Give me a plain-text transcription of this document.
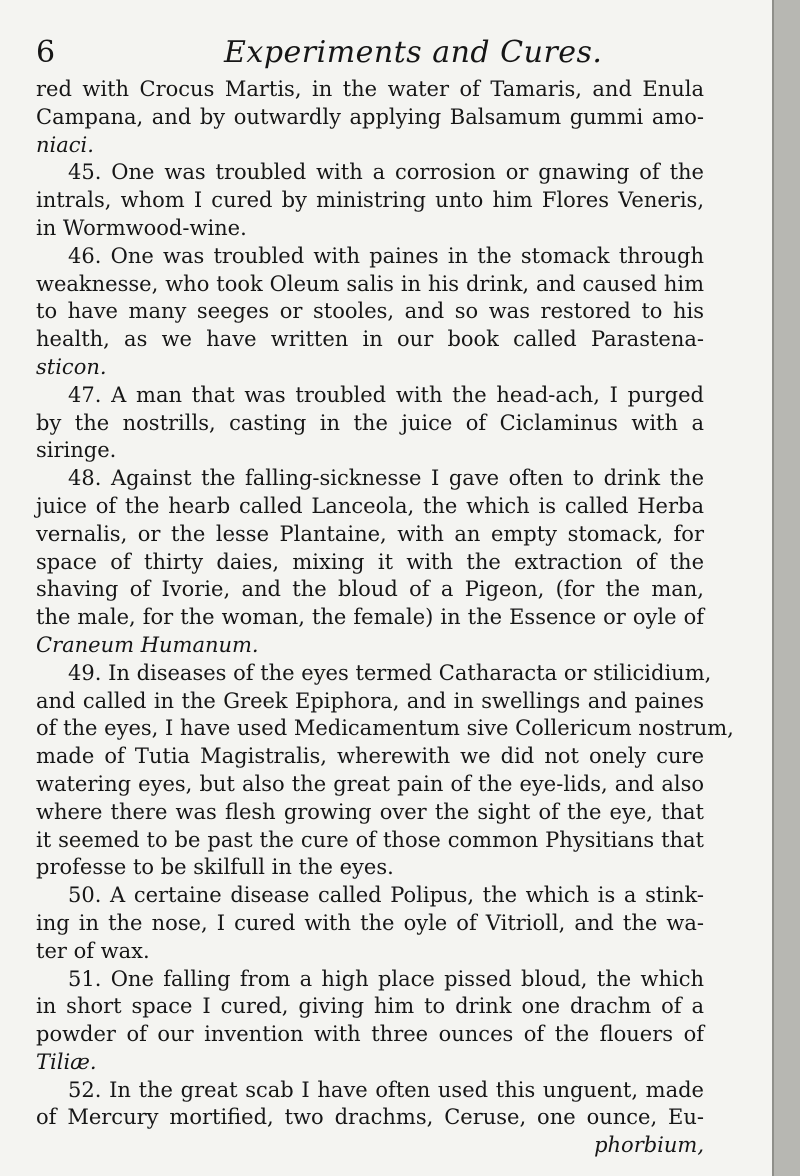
6	Experiments and Cures.
red with Crocus Martis, in the water of Tamaris, and Enula
Campana, and by outwardly applying Balsamum gummi amo-
niaci.
45. One was troubled with a corrosion or gnawing of the
intrals, whom I cured by ministring unto him Flores Veneris,
in Wormwood-wine.
46. One was troubled with paines in the stomack through
weaknesse, who took Oleum salis in his drink, and caused him
to have many seeges or stooles, and so was restored to his
health, as we have written in our book called Parastena-
sticon.
47. A man that was troubled with the head-ach, I purged
by the nostrills, casting in the juice of Ciclaminus with a
siringe.
48. Against the falling-sicknesse I gave often to drink the
juice of the hearb called Lanceola, the which is called Herba
vernalis, or the lesse Plantaine, with an empty stomack, for
space of thirty daies, mixing it with the extraction of the
shaving of Ivorie, and the bloud of a Pigeon, (for the man,
the male, for the woman, the female) in the Essence or oyle of
Craneum Humanum.
49. In diseases of the eyes termed Catharacta or stilicidium,
and called in the Greek Epiphora, and in swellings and paines
of the eyes, I have used Medicamentum sive Collericum nostrum,
made of Tutia Magistralis, wherewith we did not onely cure
watering eyes, but also the great pain of the eye-lids, and also
where there was flesh growing over the sight of the eye, that
it seemed to be past the cure of those common Physitians that
professe to be skilfull in the eyes.
50. A certaine disease called Polipus, the which is a stink-
ing in the nose, I cured with the oyle of Vitrioll, and the wa-
ter of wax.
51. One falling from a high place pissed bloud, the which
in short space I cured, giving him to drink one drachm of a
powder of our invention with three ounces of the flouers of
Tiliæ.
52. In the great scab I have often used this unguent, made
of Mercury mortified, two drachms, Ceruse, one ounce, Eu-
phorbium,
